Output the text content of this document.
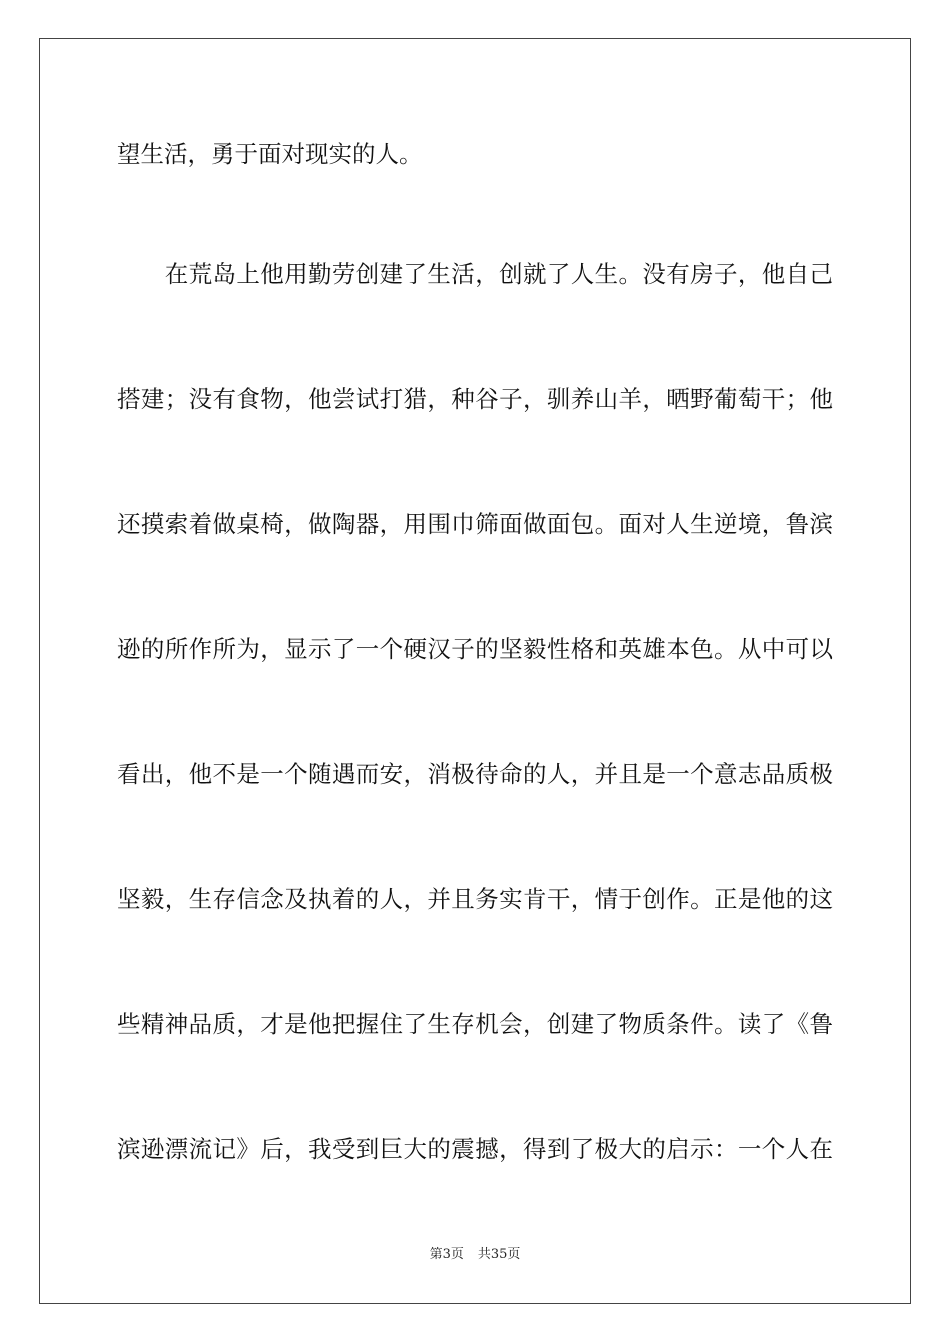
望生活，勇于面对现实的人。
　　在荒岛上他用勤劳创建了生活，创就了人生。没有房子，他自己
搭建；没有食物，他尝试打猎，种谷子，驯养山羊，晒野葡萄干；他
还摸索着做桌椅，做陶器，用围巾筛面做面包。面对人生逆境，鲁滨
逊的所作所为，显示了一个硬汉子的坚毅性格和英雄本色。从中可以
看出，他不是一个随遇而安，消极待命的人，并且是一个意志品质极
坚毅，生存信念及执着的人，并且务实肯干，情于创作。正是他的这
些精神品质，才是他把握住了生存机会，创建了物质条件。读了《鲁
滨逊漂流记》后，我受到巨大的震撼，得到了极大的启示：一个人在
第3页 共35页
